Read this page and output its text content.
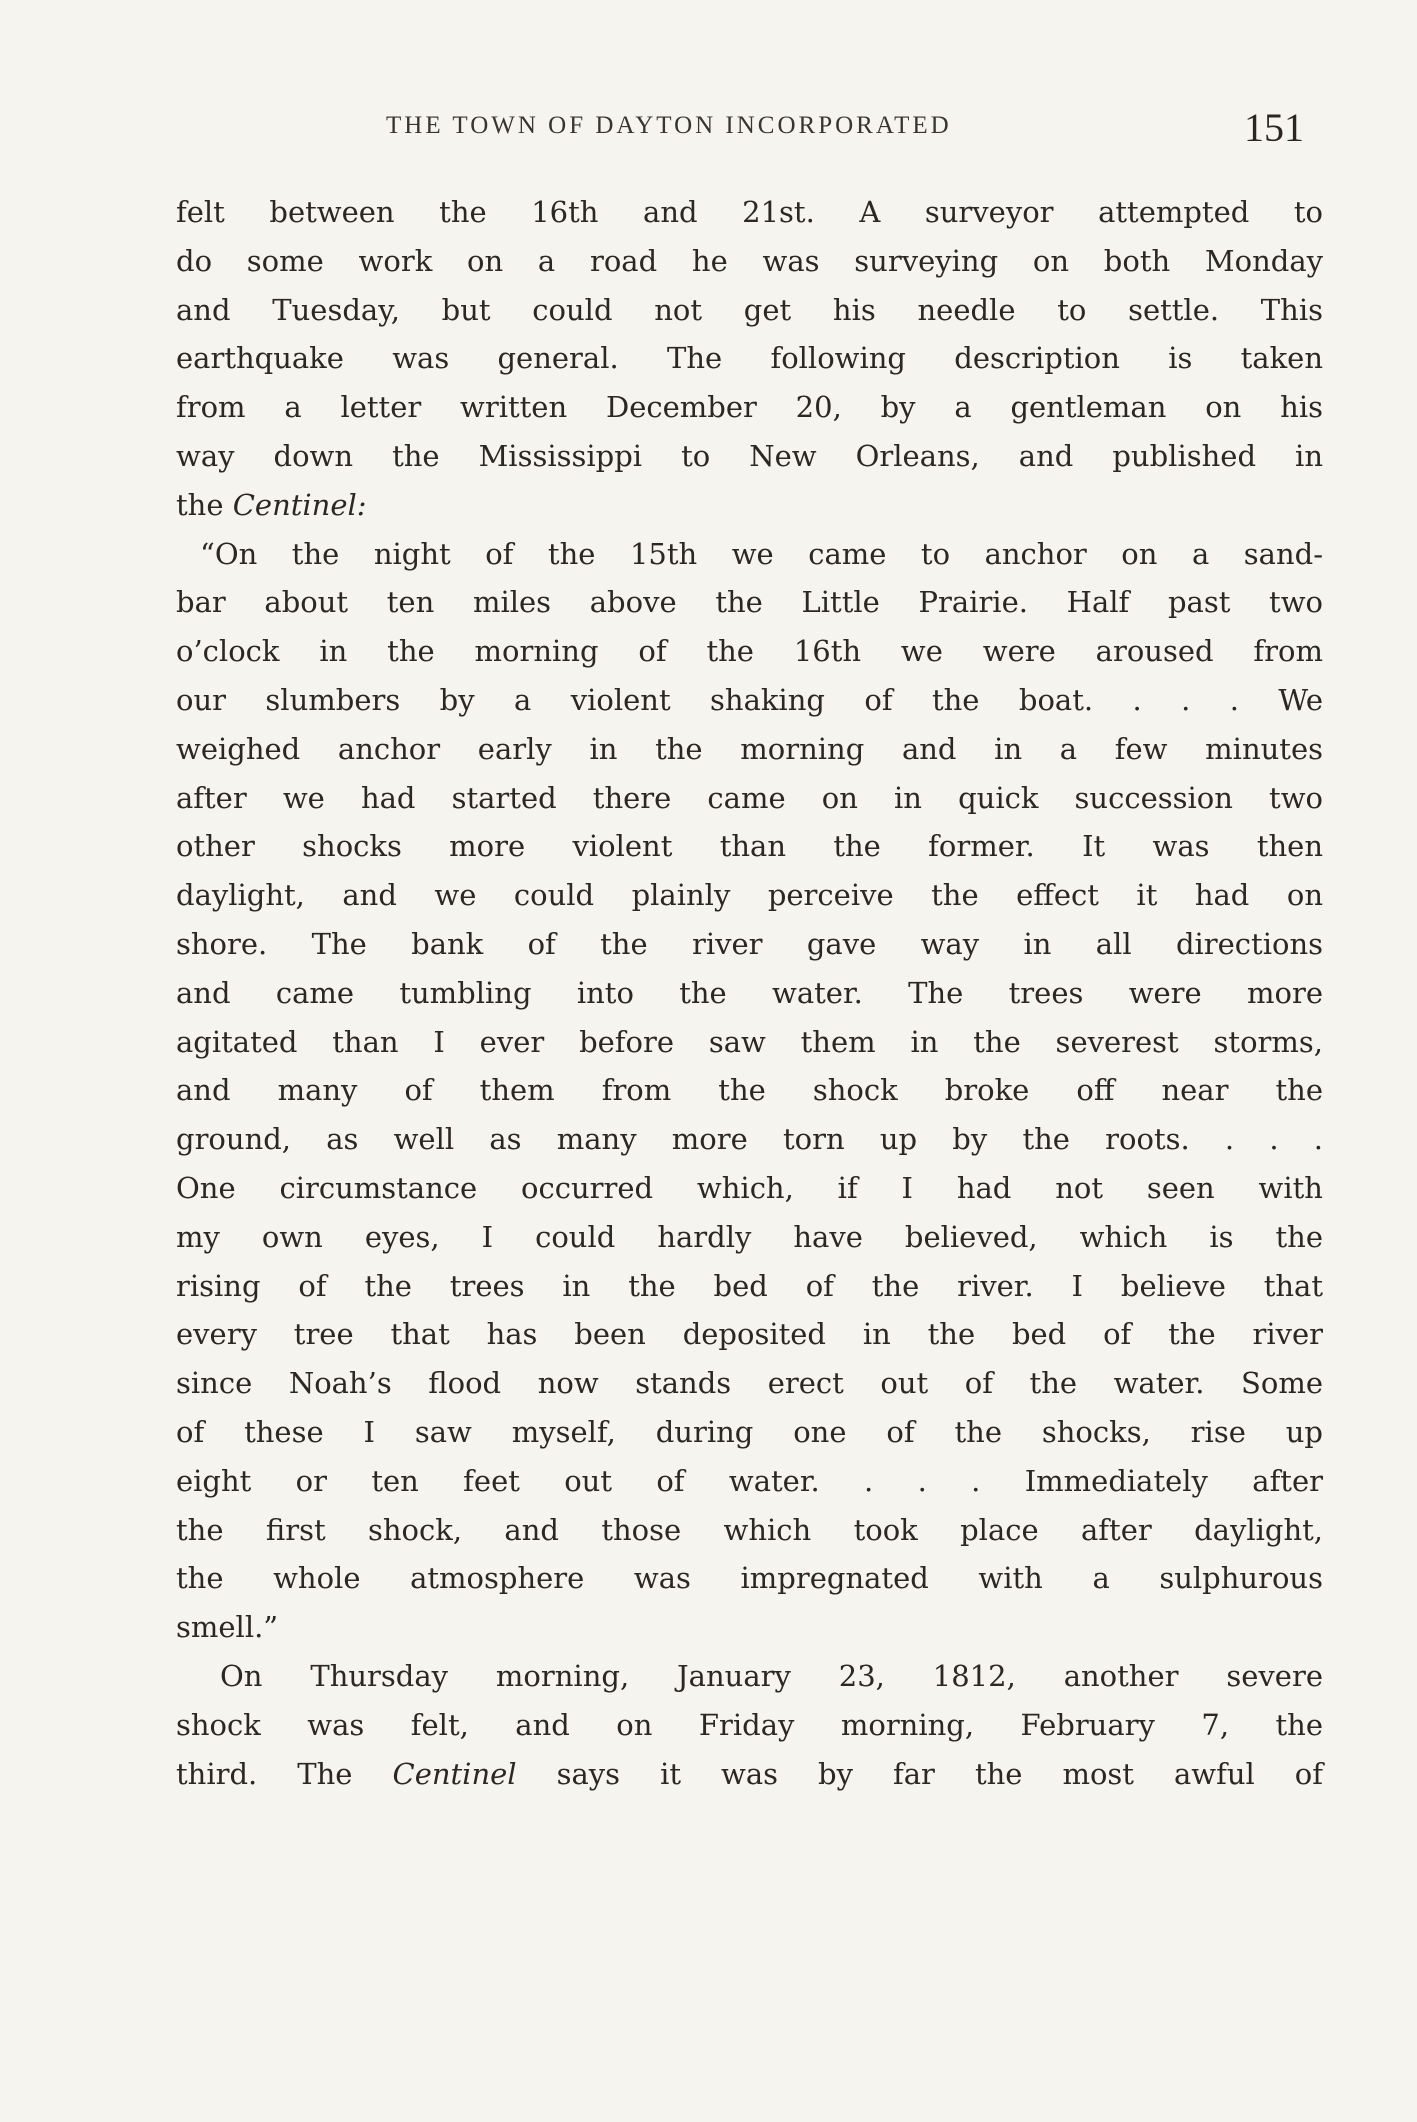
THE TOWN OF DAYTON INCORPORATED	151
felt between the 16th and 21st. A surveyor attempted to
do some work on a road he was surveying on both Monday
and Tuesday, but could not get his needle to settle. This
earthquake was general. The following description is taken
from a letter written December 20, by a gentleman on his
way down the Mississippi to New Orleans, and published in
the Centinel:
“On the night of the 15th we came to anchor on a sand-
bar about ten miles above the Little Prairie. Half past two
o’clock in the morning of the 16th we were aroused from
our slumbers by a violent shaking of the boat. . . . We
weighed anchor early in the morning and in a few minutes
after we had started there came on in quick succession two
other shocks more violent than the former. It was then
daylight, and we could plainly perceive the effect it had on
shore. The bank of the river gave way in all directions
and came tumbling into the water. The trees were more
agitated than I ever before saw them in the severest storms,
and many of them from the shock broke off near the
ground, as well as many more torn up by the roots. . . .
One circumstance occurred which, if I had not seen with
my own eyes, I could hardly have believed, which is the
rising of the trees in the bed of the river. I believe that
every tree that has been deposited in the bed of the river
since Noah’s flood now stands erect out of the water. Some
of these I saw myself, during one of the shocks, rise up
eight or ten feet out of water. . . . Immediately after
the first shock, and those which took place after daylight,
the whole atmosphere was impregnated with a sulphurous
smell.”
On Thursday morning, January 23, 1812, another severe
shock was felt, and on Friday morning, February 7, the
third. The Centinel says it was by far the most awful of
